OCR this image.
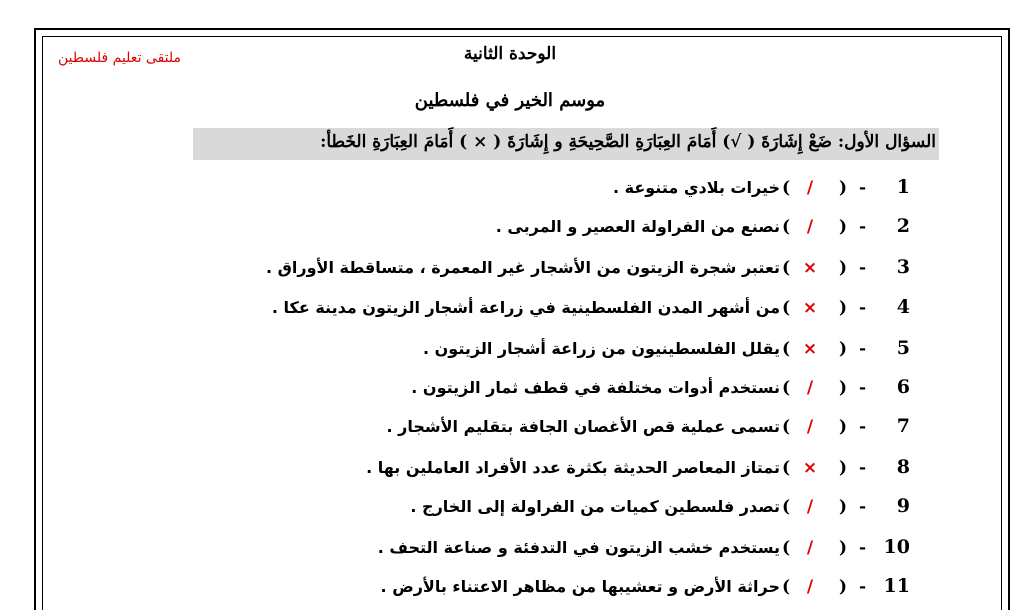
ملتقى تعليم فلسطين	الوحدة الثانية
موسم الخير في فلسطين
السؤال الأول: ضَعْ إِشَارَةَ ( √) أَمَامَ العِبَارَةِ الصَّحِيحَةِ و إِشَارَةَ ( × ) أَمَامَ العِبَارَةِ الخَطأ:
1-(/)خيرات بلادي متنوعة .
2-(/)نصنع من الفراولة العصير و المربى .
3-(×)تعتبر شجرة الزيتون من الأشجار غير المعمرة ، متساقطة الأوراق .
4-(×)من أشهر المدن الفلسطينية في زراعة أشجار الزيتون مدينة عكا .
5-(×)يقلل الفلسطينيون من زراعة أشجار الزيتون .
6-(/)نستخدم أدوات مختلفة في قطف ثمار الزيتون .
7-(/)تسمى عملية قص الأغصان الجافة بتقليم الأشجار .
8-(×)تمتاز المعاصر الحديثة بكثرة عدد الأفراد العاملين بها .
9-(/)تصدر فلسطين كميات من الفراولة إلى الخارج .
10-(/)يستخدم خشب الزيتون في التدفئة و صناعة التحف .
11-(/)حراثة الأرض و تعشيبها من مظاهر الاعتناء بالأرض .
